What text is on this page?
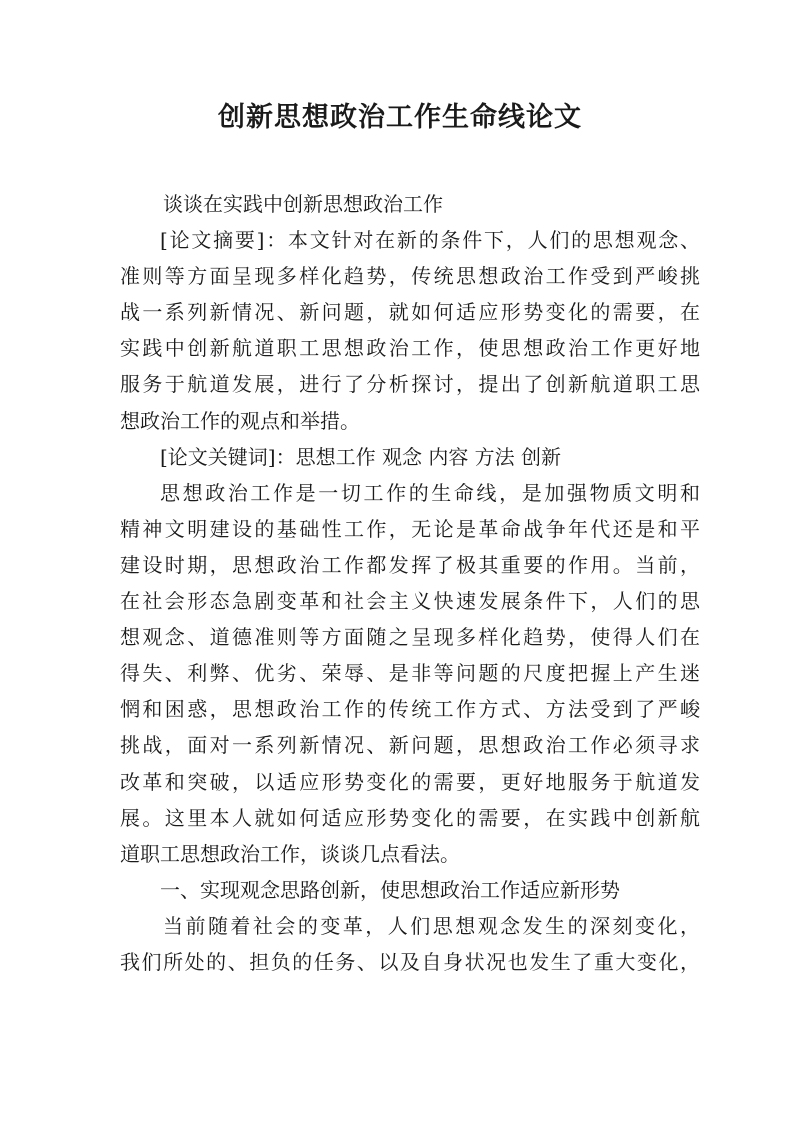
创新思想政治工作生命线论文
谈谈在实践中创新思想政治工作
[论文摘要]：本文针对在新的条件下，人们的思想观念、
准则等方面呈现多样化趋势，传统思想政治工作受到严峻挑
战一系列新情况、新问题，就如何适应形势变化的需要，在
实践中创新航道职工思想政治工作，使思想政治工作更好地
服务于航道发展，进行了分析探讨，提出了创新航道职工思
想政治工作的观点和举措。
[论文关键词]：思想工作 观念 内容 方法 创新
思想政治工作是一切工作的生命线，是加强物质文明和
精神文明建设的基础性工作，无论是革命战争年代还是和平
建设时期，思想政治工作都发挥了极其重要的作用。当前，
在社会形态急剧变革和社会主义快速发展条件下，人们的思
想观念、道德准则等方面随之呈现多样化趋势，使得人们在
得失、利弊、优劣、荣辱、是非等问题的尺度把握上产生迷
惘和困惑，思想政治工作的传统工作方式、方法受到了严峻
挑战，面对一系列新情况、新问题，思想政治工作必须寻求
改革和突破，以适应形势变化的需要，更好地服务于航道发
展。这里本人就如何适应形势变化的需要，在实践中创新航
道职工思想政治工作，谈谈几点看法。
一、实现观念思路创新，使思想政治工作适应新形势
当前随着社会的变革，人们思想观念发生的深刻变化，
我们所处的、担负的任务、以及自身状况也发生了重大变化，
